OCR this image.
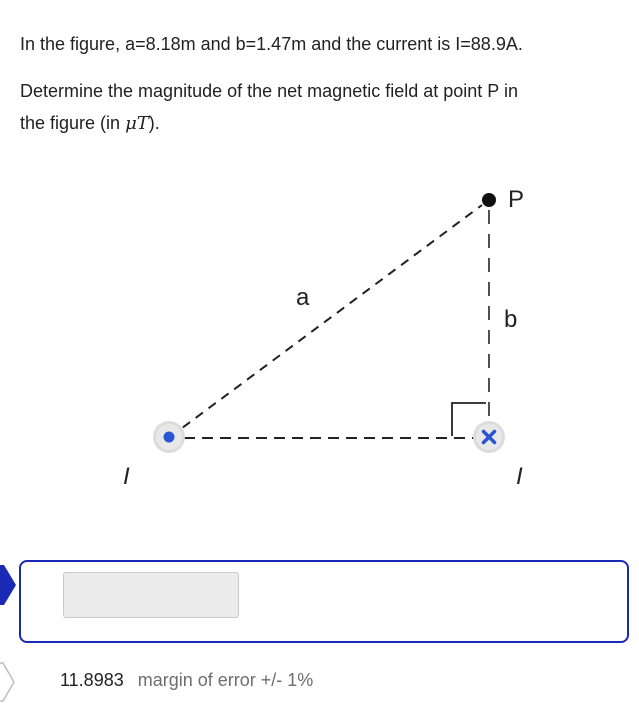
In the figure, a=8.18m and b=1.47m and the current is I=88.9A.
Determine the magnitude of the net magnetic field at point P in
the figure (in μT).
P
a
b
I	I
11.8983 margin of error +/- 1%
